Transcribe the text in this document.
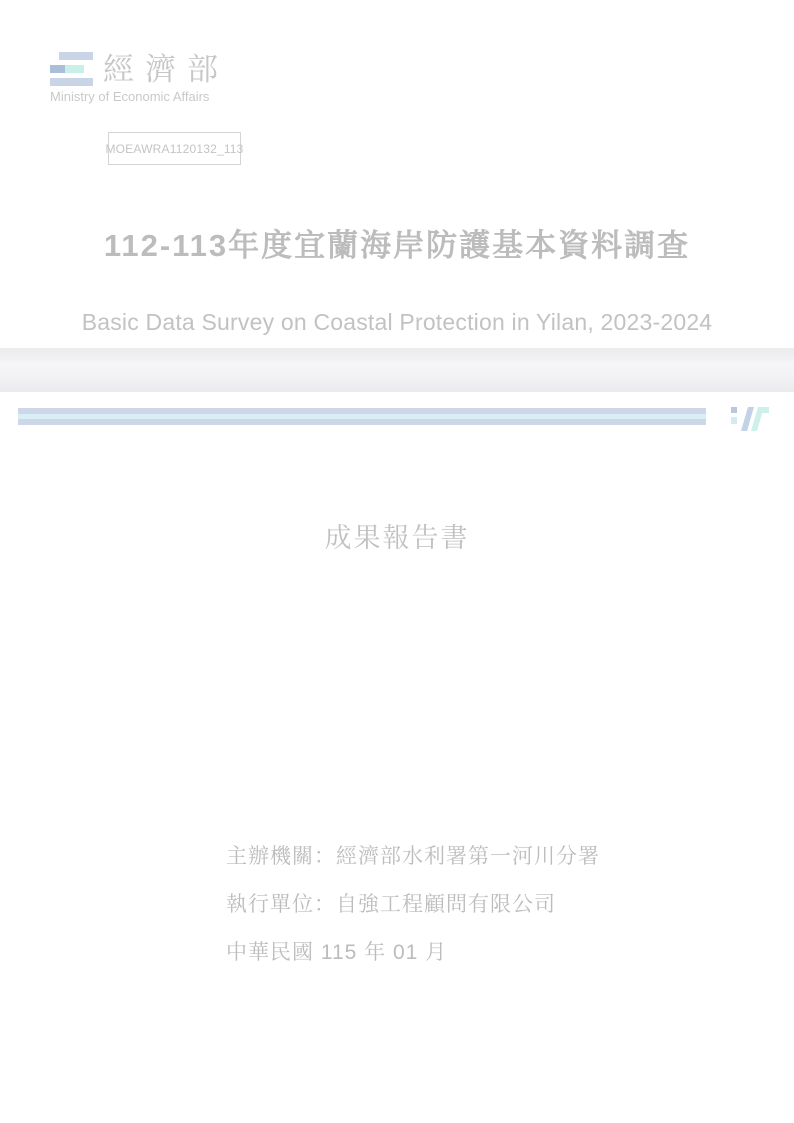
經濟部
Ministry of Economic Affairs
MOEAWRA1120132_113
112-113年度宜蘭海岸防護基本資料調查
Basic Data Survey on Coastal Protection in Yilan, 2023-2024
成果報告書
主辦機關：經濟部水利署第一河川分署
執行單位：自強工程顧問有限公司
中華民國 115 年 01 月
